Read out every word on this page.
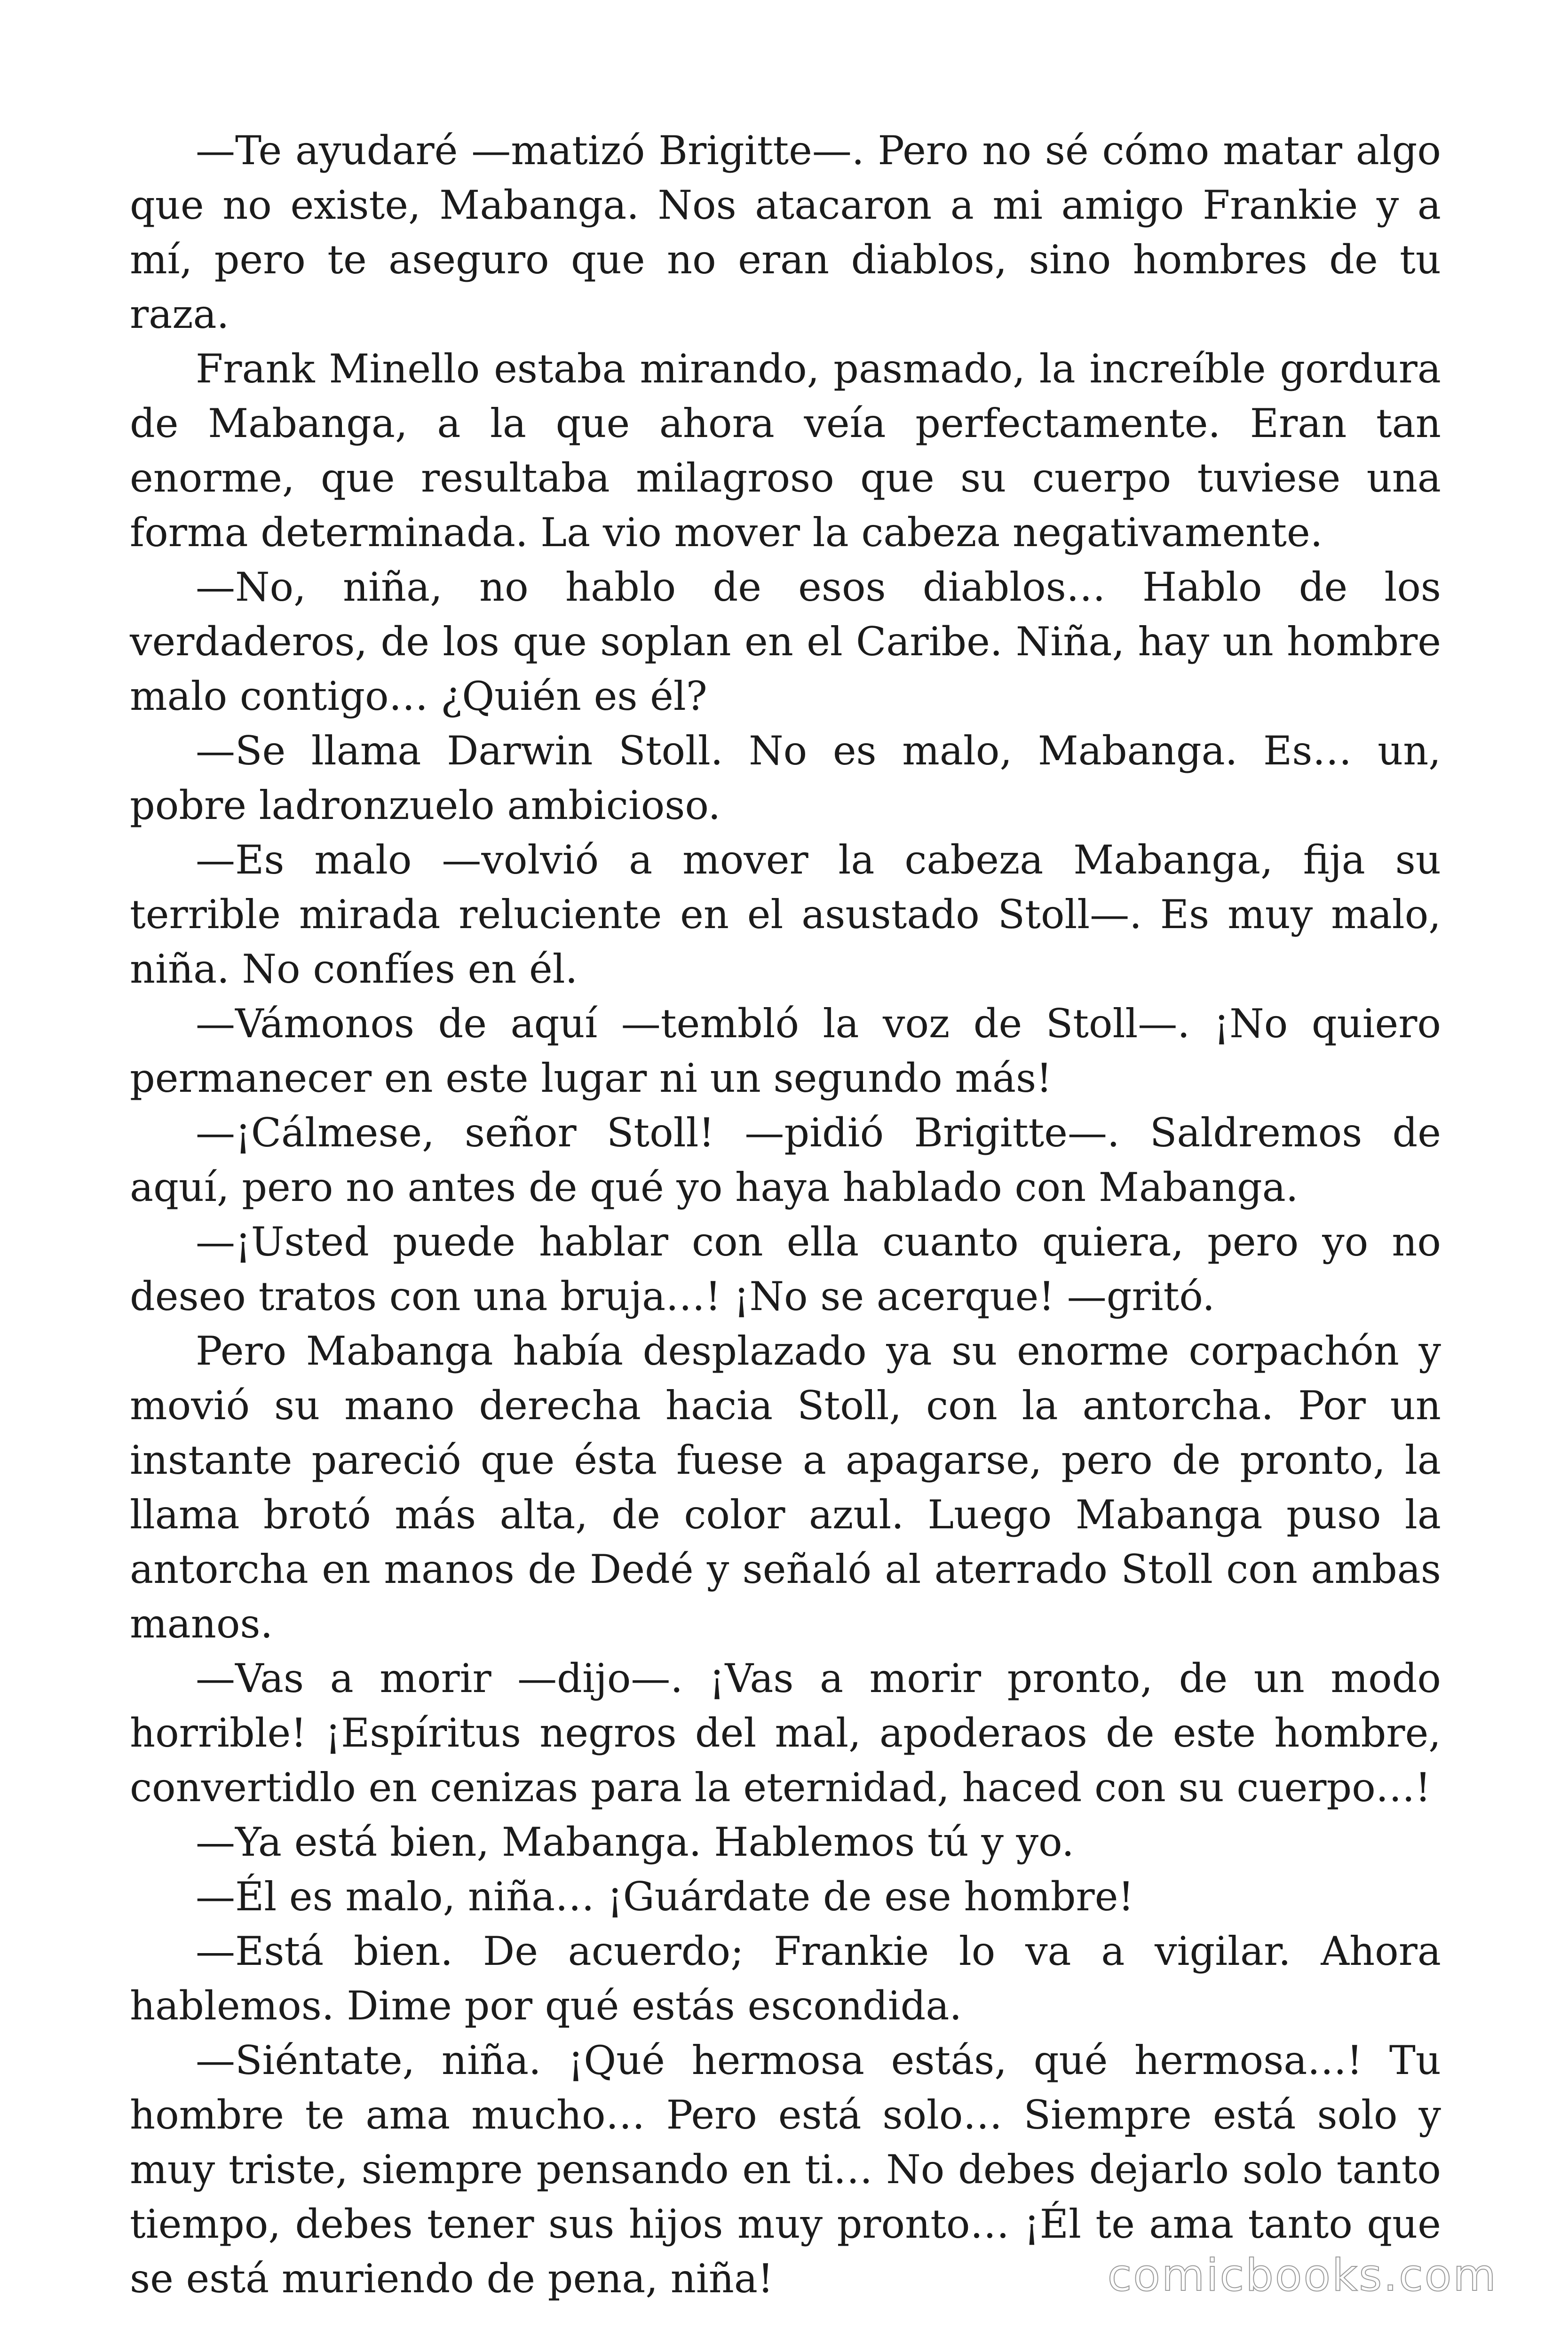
—Te ayudaré —matizó Brigitte—. Pero no sé cómo matar algo que no existe, Mabanga. Nos atacaron a mi amigo Frankie y a mí, pero te aseguro que no eran diablos, sino hombres de tu raza.

Frank Minello estaba mirando, pasmado, la increíble gordura de Mabanga, a la que ahora veía perfectamente. Eran tan enorme, que resultaba milagroso que su cuerpo tuviese una forma determinada. La vio mover la cabeza negativamente.

—No, niña, no hablo de esos diablos… Hablo de los verdaderos, de los que soplan en el Caribe. Niña, hay un hombre malo contigo… ¿Quién es él?

—Se llama Darwin Stoll. No es malo, Mabanga. Es… un, pobre ladronzuelo ambicioso.

—Es malo —volvió a mover la cabeza Mabanga, fija su terrible mirada reluciente en el asustado Stoll—. Es muy malo, niña. No confíes en él.

—Vámonos de aquí —tembló la voz de Stoll—. ¡No quiero permanecer en este lugar ni un segundo más!

—¡Cálmese, señor Stoll! —pidió Brigitte—. Saldremos de aquí, pero no antes de qué yo haya hablado con Mabanga.

—¡Usted puede hablar con ella cuanto quiera, pero yo no deseo tratos con una bruja…! ¡No se acerque! —gritó.

Pero Mabanga había desplazado ya su enorme corpachón y movió su mano derecha hacia Stoll, con la antorcha. Por un instante pareció que ésta fuese a apagarse, pero de pronto, la llama brotó más alta, de color azul. Luego Mabanga puso la antorcha en manos de Dedé y señaló al aterrado Stoll con ambas manos.

—Vas a morir —dijo—. ¡Vas a morir pronto, de un modo horrible! ¡Espíritus negros del mal, apoderaos de este hombre, convertidlo en cenizas para la eternidad, haced con su cuerpo…!

—Ya está bien, Mabanga. Hablemos tú y yo.

—Él es malo, niña… ¡Guárdate de ese hombre!

—Está bien. De acuerdo; Frankie lo va a vigilar. Ahora hablemos. Dime por qué estás escondida.

—Siéntate, niña. ¡Qué hermosa estás, qué hermosa…! Tu hombre te ama mucho… Pero está solo… Siempre está solo y muy triste, siempre pensando en ti… No debes dejarlo solo tanto tiempo, debes tener sus hijos muy pronto… ¡Él te ama tanto que se está muriendo de pena, niña!	comicbooks.com
